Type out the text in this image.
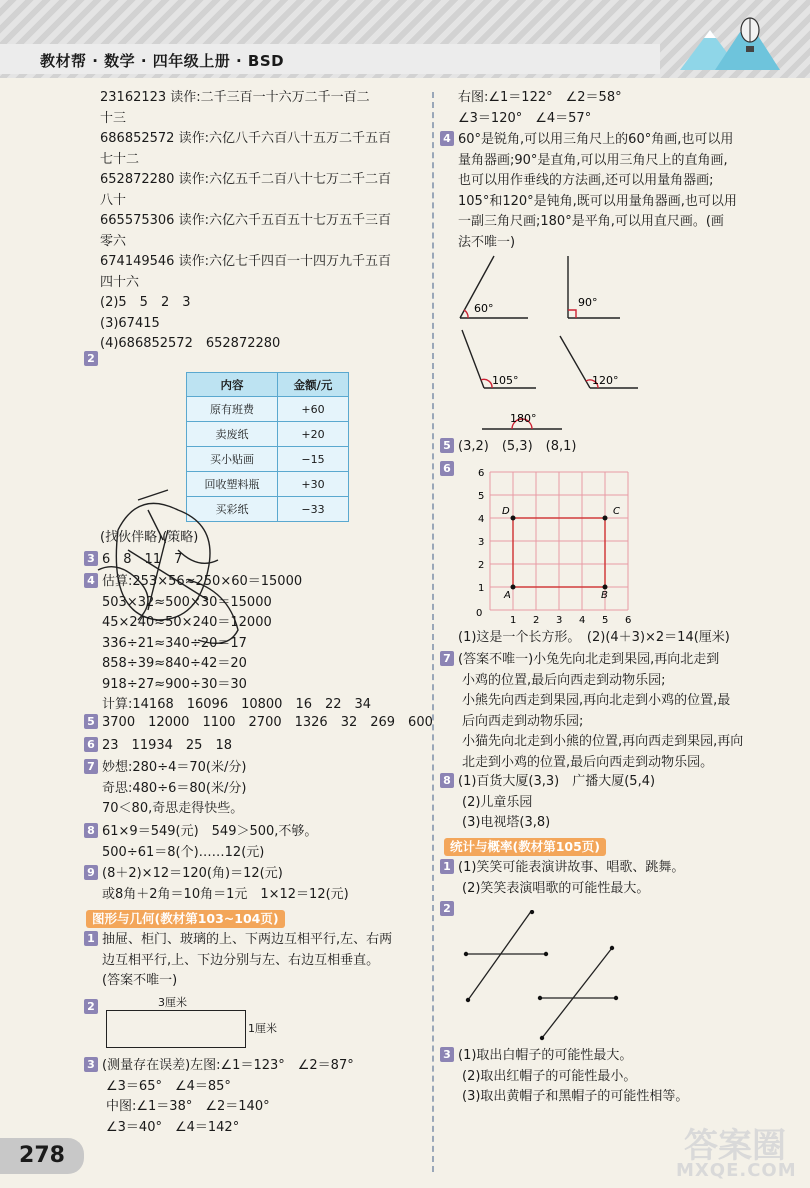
教材帮 · 数学 · 四年级上册 · BSD

23162123 读作:二千三百一十六万二千一百二

十三

686852572 读作:六亿八千六百八十五万二千五百

七十二

652872280 读作:六亿五千二百八十七万二千二百

八十

665575306 读作:六亿六千五百五十七万五千三百

零六

674149546 读作:六亿七千四百一十四万九千五百

四十六

(2)5　5　2　3

(3)67415

(4)686852572　652872280

2
内容	金额/元
原有班费	+60
卖废纸	+20
买小贴画	−15
回收塑料瓶	+30
买彩纸	−33
(找伙伴略)(策略)

3 6　8　11　7

4 估算:253×56≈250×60＝15000

503×32≈500×30＝15000

45×240≈50×240＝12000

336÷21≈340÷20＝17

858÷39≈840÷42＝20

918÷27≈900÷30＝30

计算:14168　16096　10800　16　22　34

5 3700　12000　1100　2700　1326　32　269　600

6 23　11934　25　18

7 妙想:280÷4＝70(米/分)

奇思:480÷6＝80(米/分)

70＜80,奇思走得快些。

8 61×9＝549(元)　549＞500,不够。

500÷61＝8(个)……12(元)

9 (8＋2)×12＝120(角)＝12(元)

或8角＋2角＝10角＝1元　1×12＝12(元)

图形与几何(教材第103~104页)

1 抽屉、柜门、玻璃的上、下两边互相平行,左、右两

边互相平行,上、下边分别与左、右边互相垂直。

(答案不唯一)

2	3厘米
1厘米

3 (测量存在误差)左图:∠1＝123°　∠2＝87°

∠3＝65°　∠4＝85°

中图:∠1＝38°　∠2＝140°

∠3＝40°　∠4＝142°

右图:∠1＝122°　∠2＝58°

∠3＝120°　∠4＝57°

4 60°是锐角,可以用三角尺上的60°角画,也可以用

量角器画;90°是直角,可以用三角尺上的直角画,

也可以用作垂线的方法画,还可以用量角器画;

105°和120°是钝角,既可以用量角器画,也可以用

一副三角尺画;180°是平角,可以用直尺画。(画

法不唯一)

60°	90°
105°	120°
180°

5 (3,2)　(5,3)　(8,1)

6
A	B
C
D
0
1 2 3 4 5 6
1
2
3
4
5
6
(1)这是一个长方形。　(2)(4＋3)×2＝14(厘米)

7 (答案不唯一)小兔先向北走到果园,再向北走到

小鸡的位置,最后向西走到动物乐园;

小熊先向西走到果园,再向北走到小鸡的位置,最

后向西走到动物乐园;

小猫先向北走到小熊的位置,再向西走到果园,再向

北走到小鸡的位置,最后向西走到动物乐园。

8 (1)百货大厦(3,3)　广播大厦(5,4)

(2)儿童乐园

(3)电视塔(3,8)

统计与概率(教材第105页)

1 (1)笑笑可能表演讲故事、唱歌、跳舞。

(2)笑笑表演唱歌的可能性最大。

2

3 (1)取出白帽子的可能性最大。

(2)取出红帽子的可能性最小。

(3)取出黄帽子和黑帽子的可能性相等。

278	答案圈
MXQE.COM
